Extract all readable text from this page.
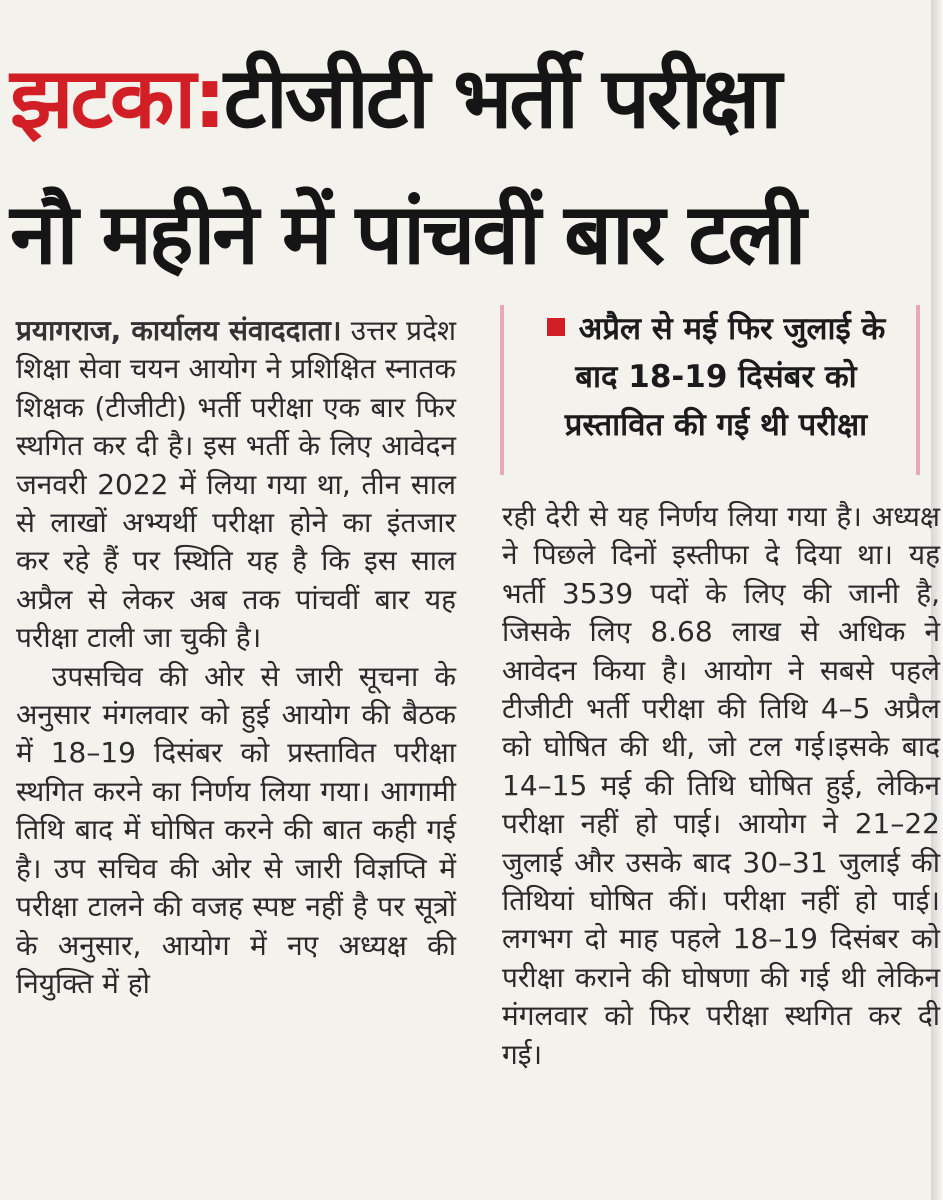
झटका:टीजीटी भर्ती परीक्षा
नौ महीने में पांचवीं बार टली
अप्रैल से मई फिर जुलाई के बाद 18-19 दिसंबर को प्रस्तावित की गई थी परीक्षा

प्रयागराज, कार्यालय संवाददाता। उत्तर प्रदेश शिक्षा सेवा चयन आयोग ने प्रशिक्षित स्नातक शिक्षक (टीजीटी) भर्ती परीक्षा एक बार फिर स्थगित कर दी है। इस भर्ती के लिए आवेदन जनवरी 2022 में लिया गया था, तीन साल से लाखों अभ्यर्थी परीक्षा होने का इंतजार कर रहे हैं पर स्थिति यह है कि इस साल अप्रैल से लेकर अब तक पांचवीं बार यह परीक्षा टाली जा चुकी है।

उपसचिव की ओर से जारी सूचना के अनुसार मंगलवार को हुई आयोग की बैठक में 18–19 दिसंबर को प्रस्तावित परीक्षा स्थगित करने का निर्णय लिया गया। आगामी तिथि बाद में घोषित करने की बात कही गई है। उप सचिव की ओर से जारी विज्ञप्ति में परीक्षा टालने की वजह स्पष्ट नहीं है पर सूत्रों के अनुसार, आयोग में नए अध्यक्ष की नियुक्ति में हो

रही देरी से यह निर्णय लिया गया है। अध्यक्ष ने पिछले दिनों इस्तीफा दे दिया था। यह भर्ती 3539 पदों के लिए की जानी है, जिसके लिए 8.68 लाख से अधिक ने आवेदन किया है। आयोग ने सबसे पहले टीजीटी भर्ती परीक्षा की तिथि 4–5 अप्रैल को घोषित की थी, जो टल गई।इसके बाद 14–15 मई की तिथि घोषित हुई, लेकिन परीक्षा नहीं हो पाई। आयोग ने 21–22 जुलाई और उसके बाद 30–31 जुलाई की तिथियां घोषित कीं। परीक्षा नहीं हो पाई। लगभग दो माह पहले 18–19 दिसंबर को परीक्षा कराने की घोषणा की गई थी लेकिन मंगलवार को फिर परीक्षा स्थगित कर दी गई।
